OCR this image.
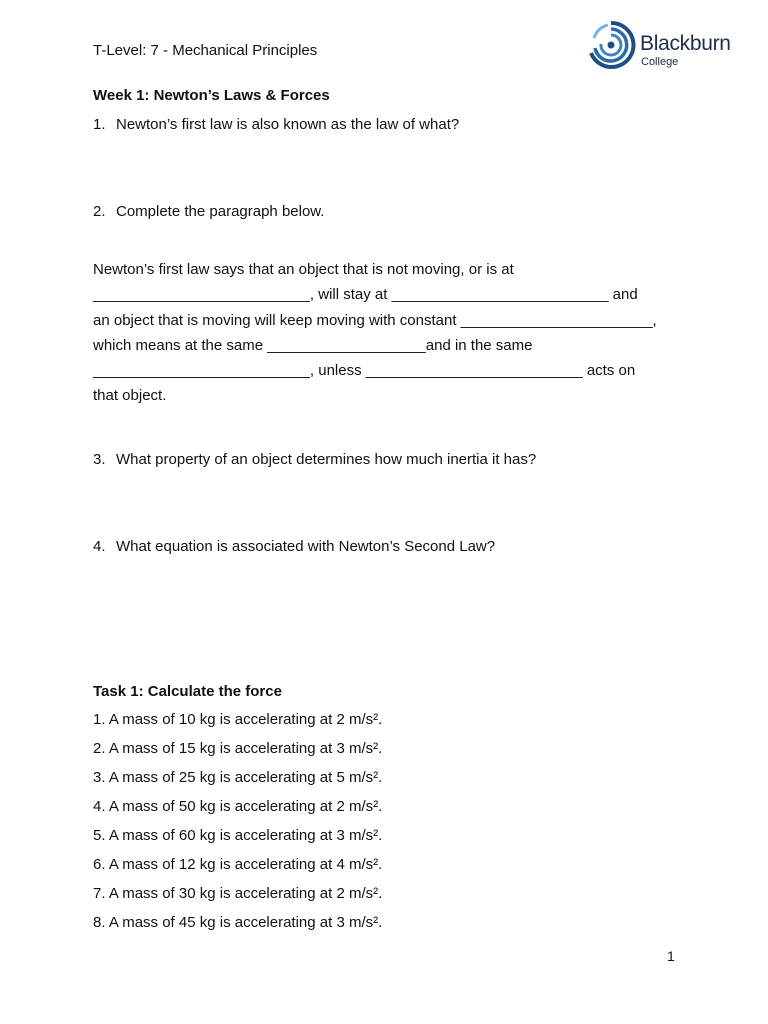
T-Level: 7 - Mechanical Principles	Blackburn
College
Week 1: Newton’s Laws & Forces
1. Newton’s first law is also known as the law of what?
2. Complete the paragraph below.
Newton’s first law says that an object that is not moving, or is at
__________________________, will stay at __________________________ and
an object that is moving will keep moving with constant _______________________,
which means at the same ___________________and in the same
__________________________, unless __________________________ acts on
that object.
3. What property of an object determines how much inertia it has?
4. What equation is associated with Newton’s Second Law?
Task 1: Calculate the force
1. A mass of 10 kg is accelerating at 2 m/s².
2. A mass of 15 kg is accelerating at 3 m/s².
3. A mass of 25 kg is accelerating at 5 m/s².
4. A mass of 50 kg is accelerating at 2 m/s².
5. A mass of 60 kg is accelerating at 3 m/s².
6. A mass of 12 kg is accelerating at 4 m/s².
7. A mass of 30 kg is accelerating at 2 m/s².
8. A mass of 45 kg is accelerating at 3 m/s².
1
